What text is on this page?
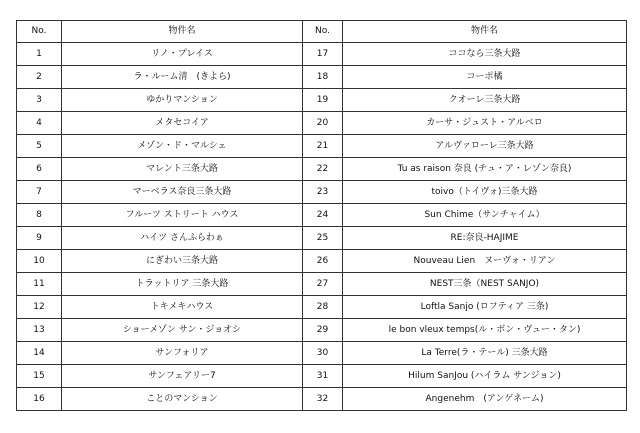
No.	物件名	No.	物件名
1	リノ・プレイス	17	ココなら三条大路
2	ラ・ルーム清　(きよら)	18	コーポ橘
3	ゆかりマンション	19	クオーレ三条大路
4	メタセコイア	20	カーサ・ジュスト・アルベロ
5	メゾン・ド・マルシェ	21	アルヴァローレ三条大路
6	マレント三条大路	22	Tu as raison 奈良 (チュ・ア・レゾン奈良)
7	マーベラス奈良三条大路	23	toivo（トイヴォ)三条大路
8	フルーツ ストリート ハウス	24	Sun Chime（サンチャイム）
9	ハイツ さんふらわぁ	25	RE:奈良-HAJIME
10	にぎわい三条大路	26	Nouveau Lien　ヌーヴォ・リアン
11	トラットリア 三条大路	27	NEST三条（NEST SANJO)
12	トキメキハウス	28	Loftla Sanjo (ロフティア 三条)
13	ショーメゾン サン・ジョオシ	29	le bon vleux temps(ル・ボン・ヴュー・タン)
14	サンフォリア	30	La Terre(ラ・テール) 三条大路
15	サンフェアリー7	31	Hilum SanJou (ハイラム サンジョン)
16	ことのマンション	32	Angenehm　(アンゲネーム)
